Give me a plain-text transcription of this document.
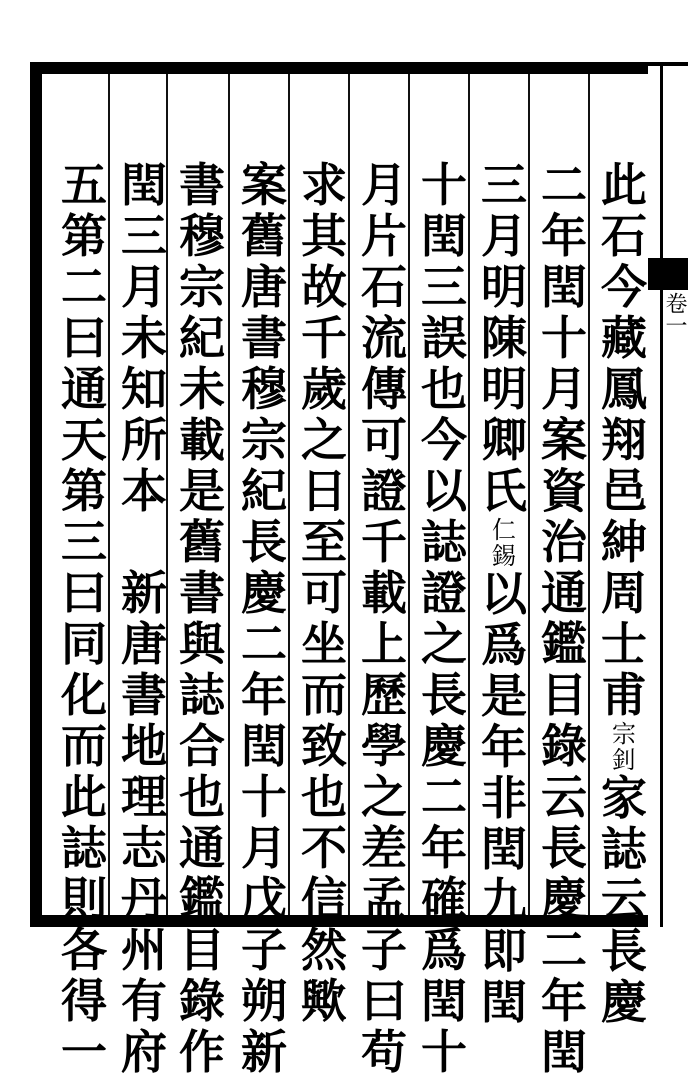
此
石
今
藏
鳳
翔
邑
紳
周
士
甫
宗
釗
家
誌
云
長
慶
二
年
閏
十
月
案
資
治
通
鑑
目
錄
云
長
慶
二
年
閏
三
月
明
陳
明
卿
氏
仁
錫
以
爲
是
年
非
閏
九
即
閏
十
閏
三
誤
也
今
以
誌
證
之
長
慶
二
年
確
爲
閏
十
月
片
石
流
傳
可
證
千
載
上
歷
學
之
差
孟
子
曰
苟
求
其
故
千
歲
之
日
至
可
坐
而
致
也
不
信
然
歟
案
舊
唐
書
穆
宗
紀
長
慶
二
年
閏
十
月
戊
子
朔
新
書
穆
宗
紀
未
載
是
舊
書
與
誌
合
也
通
鑑
目
錄
作
閏
三
月
未
知
所
本

新
唐
書
地
理
志
丹
州
有
府
五
第
二
曰
通
天
第
三
曰
同
化
而
此
誌
則
各
得
一
卷一
